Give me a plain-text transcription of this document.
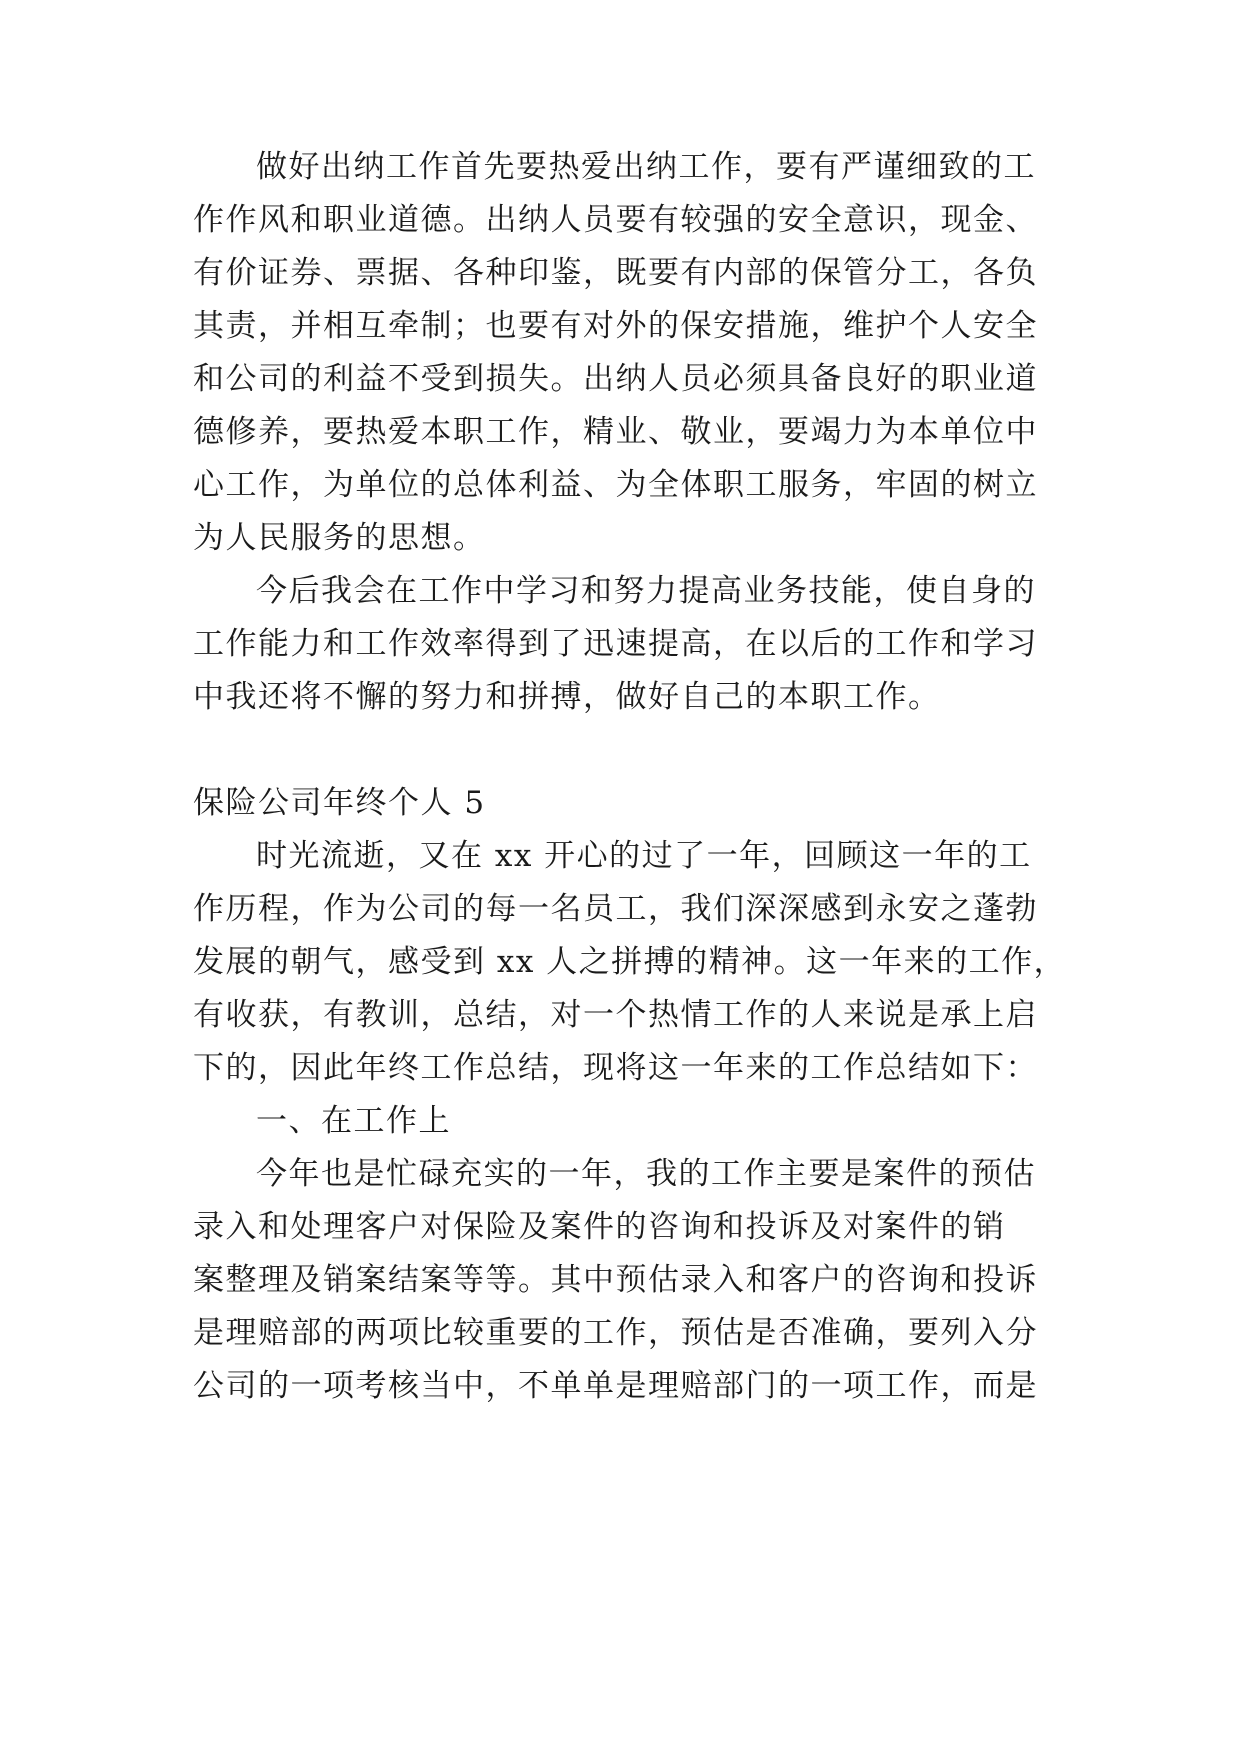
做好出纳工作首先要热爱出纳工作，要有严谨细致的工
作作风和职业道德。出纳人员要有较强的安全意识，现金、
有价证券、票据、各种印鉴，既要有内部的保管分工，各负
其责，并相互牵制；也要有对外的保安措施，维护个人安全
和公司的利益不受到损失。出纳人员必须具备良好的职业道
德修养，要热爱本职工作，精业、敬业，要竭力为本单位中
心工作，为单位的总体利益、为全体职工服务，牢固的树立
为人民服务的思想。
今后我会在工作中学习和努力提高业务技能，使自身的
工作能力和工作效率得到了迅速提高，在以后的工作和学习
中我还将不懈的努力和拼搏，做好自己的本职工作。
保险公司年终个人 5
时光流逝，又在 xx 开心的过了一年，回顾这一年的工
作历程，作为公司的每一名员工，我们深深感到永安之蓬勃
发展的朝气，感受到 xx 人之拼搏的精神。这一年来的工作，
有收获，有教训，总结，对一个热情工作的人来说是承上启
下的，因此年终工作总结，现将这一年来的工作总结如下：
一、在工作上
今年也是忙碌充实的一年，我的工作主要是案件的预估
录入和处理客户对保险及案件的咨询和投诉及对案件的销
案整理及销案结案等等。其中预估录入和客户的咨询和投诉
是理赔部的两项比较重要的工作，预估是否准确，要列入分
公司的一项考核当中，不单单是理赔部门的一项工作，而是
